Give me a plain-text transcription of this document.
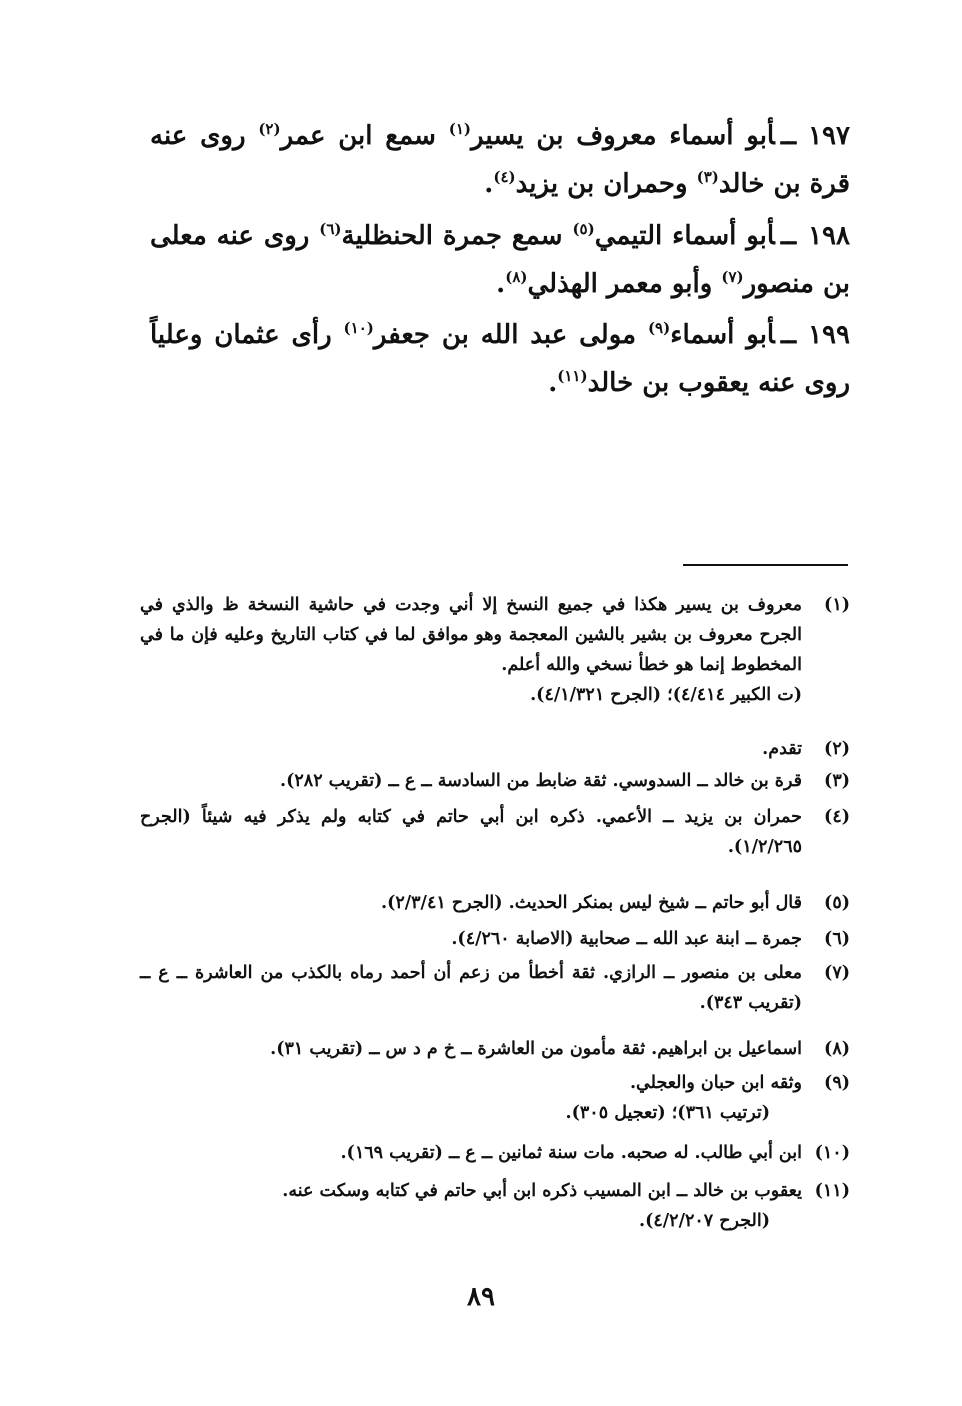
١٩٧ــأبو أسماء معروف بن يسير$^{(١)}$ سمع ابن عمر$^{(٢)}$ روى عنه قرة بن خالد$^{(٣)}$ وحمران بن يزيد$^{(٤)}$.
١٩٨ــأبو أسماء التيمي$^{(٥)}$ سمع جمرة الحنظلية$^{(٦)}$ روى عنه معلى بن منصور$^{(٧)}$ وأبو معمر الهذلي$^{(٨)}$.
١٩٩ــأبو أسماء$^{(٩)}$ مولى عبد الله بن جعفر$^{(١٠)}$ رأى عثمان وعلياً روى عنه يعقوب بن خالد$^{(١١)}$.
(١)
معروف بن يسير هكذا في جميع النسخ إلا أني وجدت في حاشية النسخة ظ والذي في الجرح معروف بن بشير بالشين المعجمة وهو موافق لما في كتاب التاريخ وعليه فإن ما في المخطوط إنما هو خطأ نسخي والله أعلم.
(ت الكبير ٤/٤١٤)؛ (الجرح ٤/١/٣٢١).
(٢)
تقدم.
(٣)
قرة بن خالد ــ السدوسي. ثقة ضابط من السادسة ــ ع ــ (تقريب ٢٨٢).
(٤)
حمران بن يزيد ــ الأعمي. ذكره ابن أبي حاتم في كتابه ولم يذكر فيه شيئاً (الجرح ١/٢/٢٦٥).
(٥)
قال أبو حاتم ــ شيخ ليس بمنكر الحديث. (الجرح ٢/٣/٤١).
(٦)
جمرة ــ ابنة عبد الله ــ صحابية (الاصابة ٤/٢٦٠).
(٧)
معلى بن منصور ــ الرازي. ثقة أخطأ من زعم أن أحمد رماه بالكذب من العاشرة ــ ع ــ (تقريب ٣٤٣).
(٨)
اسماعيل بن ابراهيم. ثقة مأمون من العاشرة ــ خ م د س ــ (تقريب ٣١).
(٩)
وثقه ابن حبان والعجلي.
(ترتيب ٣٦١)؛ (تعجيل ٣٠٥).
(١٠)
ابن أبي طالب. له صحبه. مات سنة ثمانين ــ ع ــ (تقريب ١٦٩).
(١١)
يعقوب بن خالد ــ ابن المسيب ذكره ابن أبي حاتم في كتابه وسكت عنه.
(الجرح ٤/٢/٢٠٧).
٨٩
